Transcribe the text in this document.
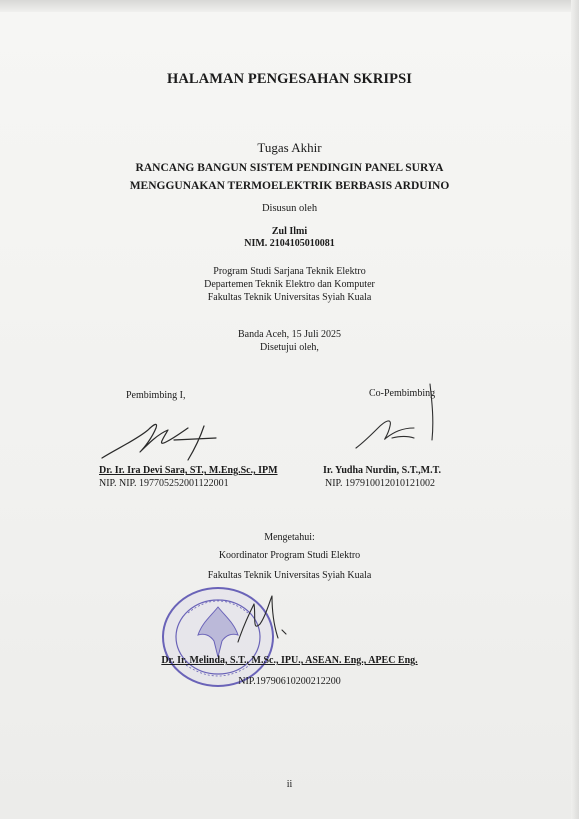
HALAMAN PENGESAHAN SKRIPSI
Tugas Akhir
RANCANG BANGUN SISTEM PENDINGIN PANEL SURYA
MENGGUNAKAN TERMOELEKTRIK BERBASIS ARDUINO
Disusun oleh
Zul Ilmi
NIM. 2104105010081
Program Studi Sarjana Teknik Elektro
Departemen Teknik Elektro dan Komputer
Fakultas Teknik Universitas Syiah Kuala
Banda Aceh, 15 Juli 2025
Disetujui oleh,
Pembimbing I,
Dr. Ir. Ira Devi Sara, ST., M.Eng.Sc., IPM
NIP. NIP. 197705252001122001
Co-Pembimbing
Ir. Yudha Nurdin, S.T.,M.T.
NIP. 197910012010121002
Mengetahui:
Koordinator Program Studi Elektro
Fakultas Teknik Universitas Syiah Kuala
Dr. Ir. Melinda, S.T., M.Sc., IPU., ASEAN. Eng., APEC Eng.
NIP.19790610200212200
ii
